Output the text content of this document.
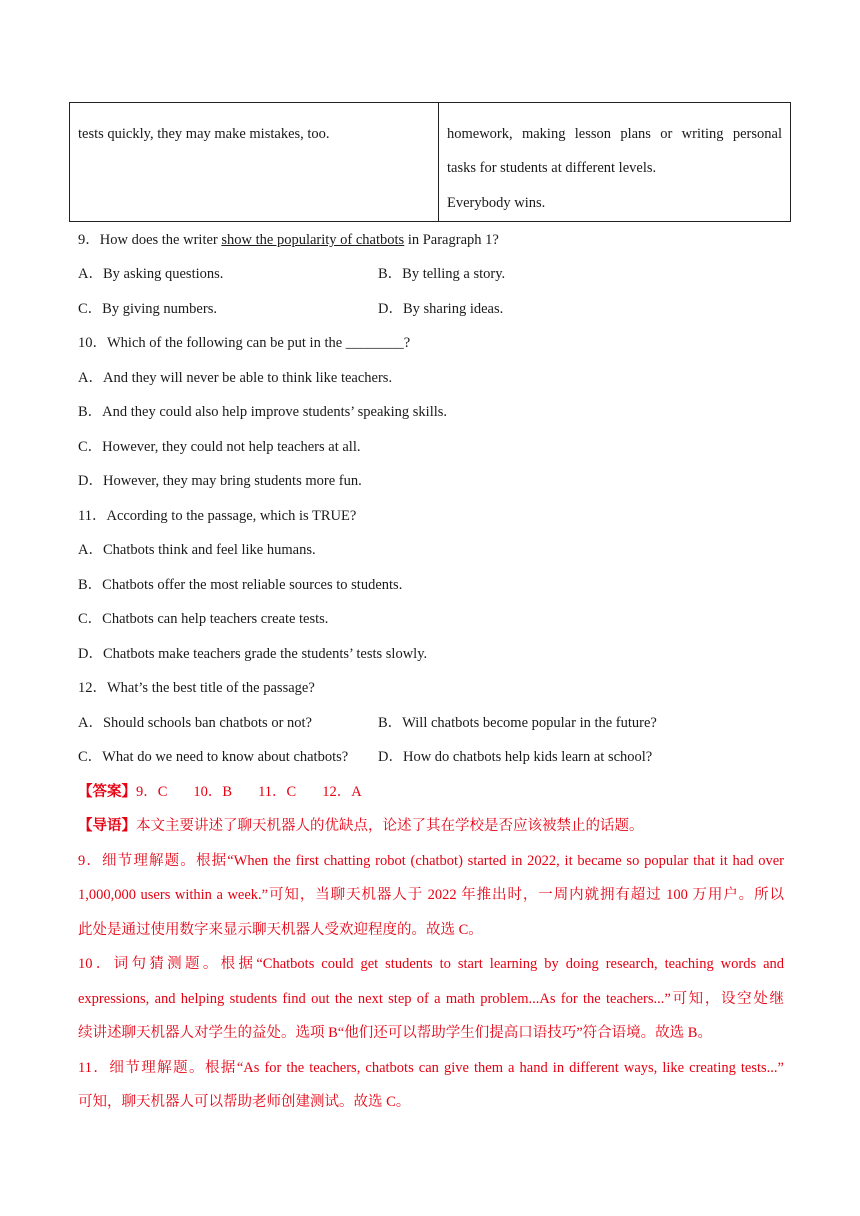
tests quickly, they may make mistakes, too.	homework, making lesson plans or writing personal
tasks for students at different levels.
Everybody wins.
9．How does the writer show the popularity of chatbots in Paragraph 1?
A．By asking questions.	B．By telling a story.
C．By giving numbers.	D．By sharing ideas.
10．Which of the following can be put in the ________?
A．And they will never be able to think like teachers.
B．And they could also help improve students’ speaking skills.
C．However, they could not help teachers at all.
D．However, they may bring students more fun.
11．According to the passage, which is TRUE?
A．Chatbots think and feel like humans.
B．Chatbots offer the most reliable sources to students.
C．Chatbots can help teachers create tests.
D．Chatbots make teachers grade the students’ tests slowly.
12．What’s the best title of the passage?
A．Should schools ban chatbots or not?	B．Will chatbots become popular in the future?
C．What do we need to know about chatbots? D．How do chatbots help kids learn at school?
【答案】9．C 10．B 11．C 12．A
【导语】本文主要讲述了聊天机器人的优缺点，论述了其在学校是否应该被禁止的话题。
9．细节理解题。根据“When the first chatting robot (chatbot) started in 2022, it became so popular that it had over
1,000,000 users within a week.”可知，当聊天机器人于 2022 年推出时，一周内就拥有超过 100 万用户。所以
此处是通过使用数字来显示聊天机器人受欢迎程度的。故选 C。
10．词句猜测题。根据“Chatbots could get students to start learning by doing research, teaching words and
expressions, and helping students find out the next step of a math problem...As for the teachers...”可知，设空处继
续讲述聊天机器人对学生的益处。选项 B“他们还可以帮助学生们提高口语技巧”符合语境。故选 B。
11．细节理解题。根据“As for the teachers, chatbots can give them a hand in different ways, like creating tests...”
可知，聊天机器人可以帮助老师创建测试。故选 C。
